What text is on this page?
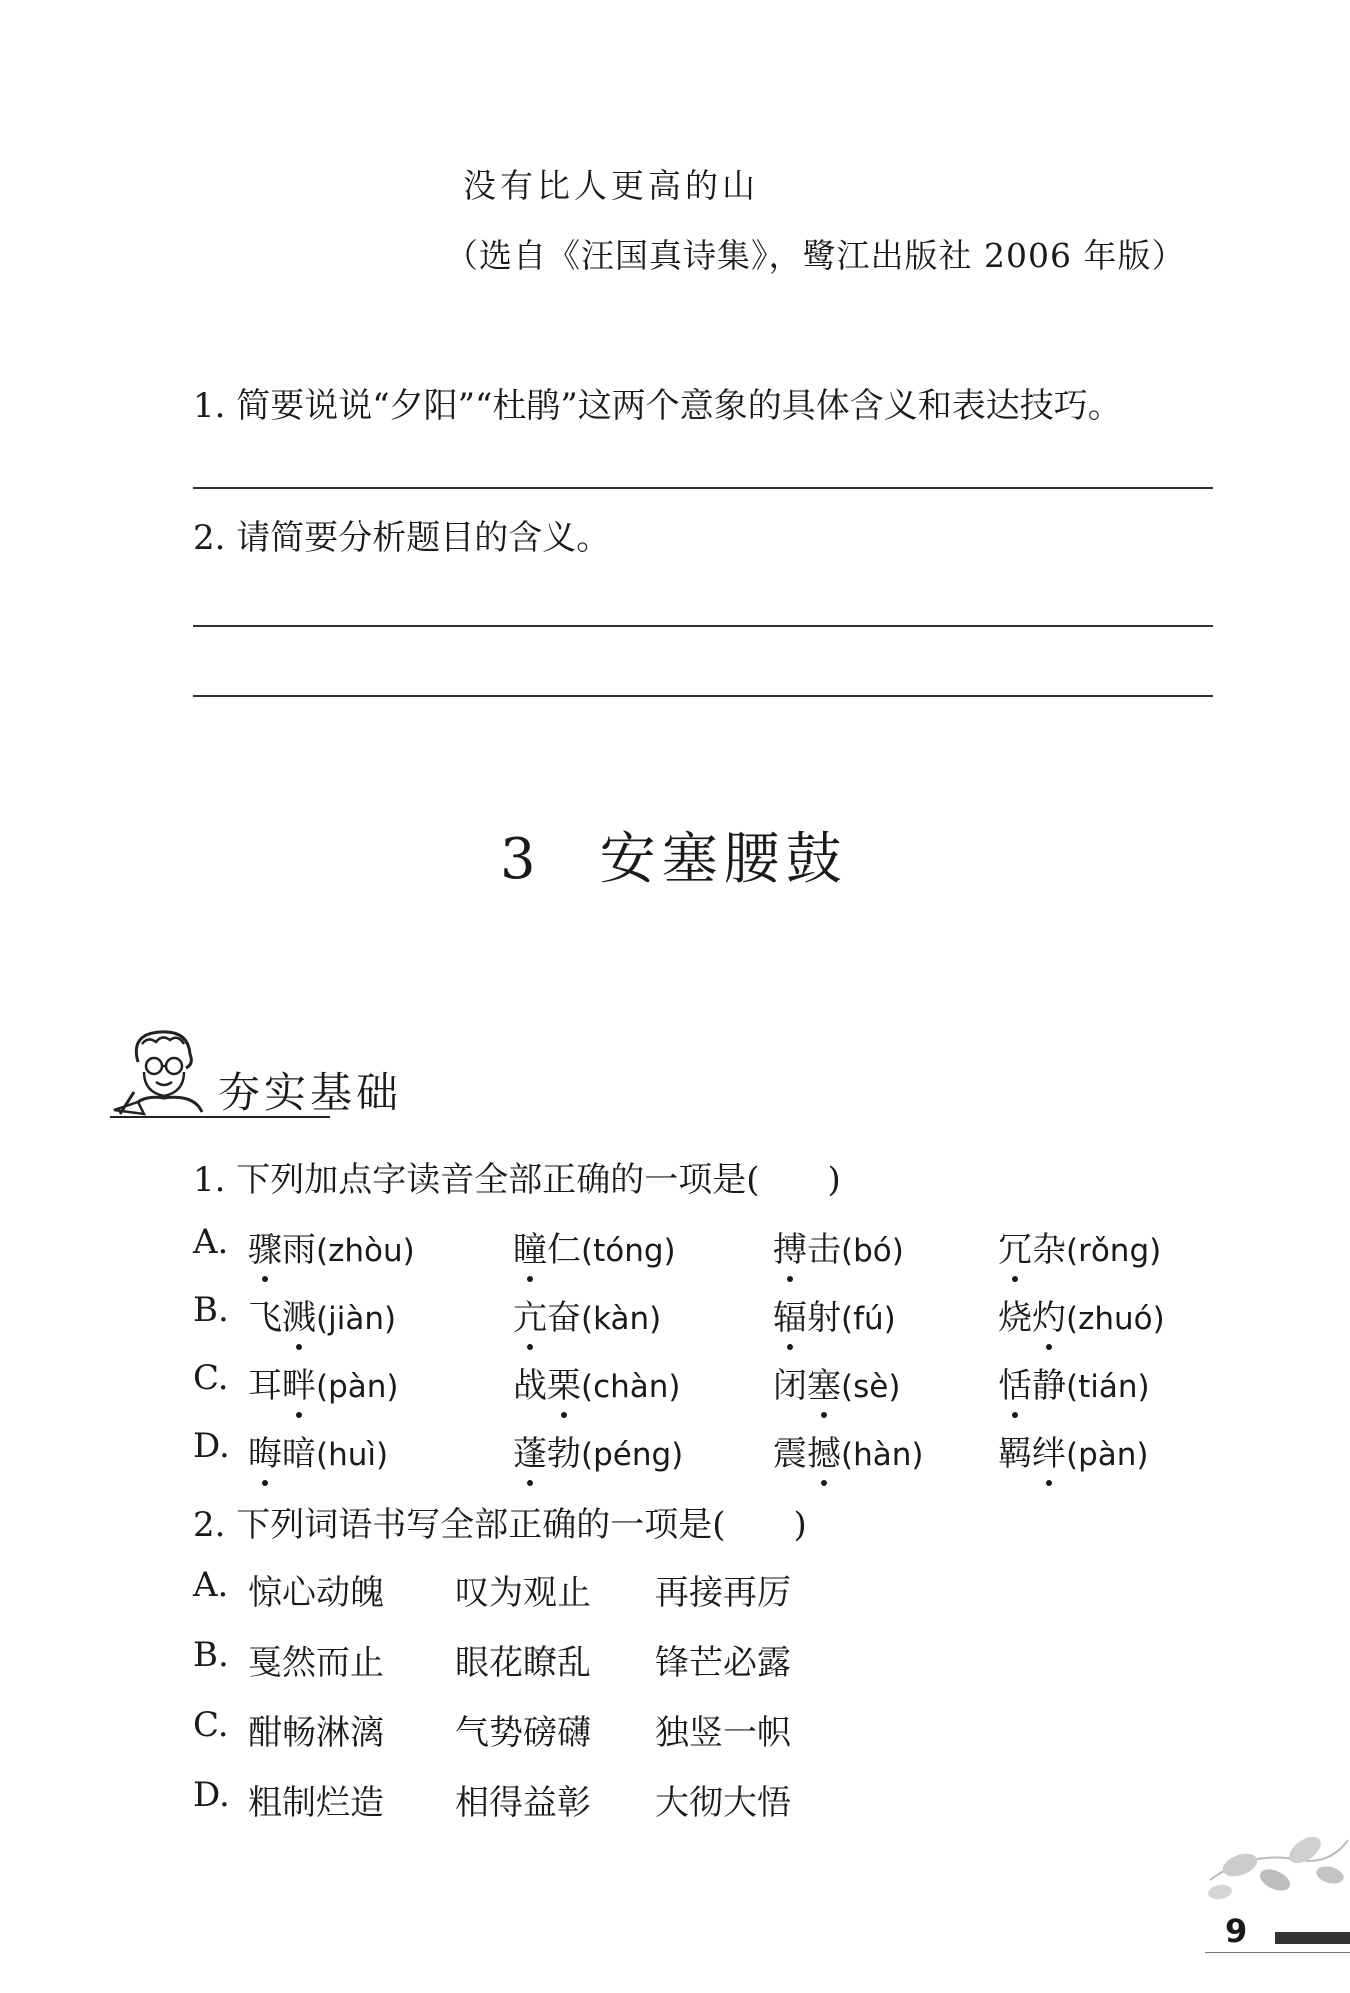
没有比人更高的山
（选自《汪国真诗集》，鹭江出版社 2006 年版）
1. 简要说说“夕阳”“杜鹃”这两个意象的具体含义和表达技巧。
2. 请简要分析题目的含义。
3 安塞腰鼓
夯实基础
1. 下列加点字读音全部正确的一项是(　　)
A. 骤雨(zhòu)	瞳仁(tóng)	搏击(bó)	冗杂(rǒng)
B. 飞溅(jiàn)	亢奋(kàn)	辐射(fú)	烧灼(zhuó)
C. 耳畔(pàn)	战栗(chàn)	闭塞(sè)	恬静(tián)
D. 晦暗(huì)	蓬勃(péng)	震撼(hàn) 羁绊(pàn)
2. 下列词语书写全部正确的一项是(　　)
A. 惊心动魄 叹为观止 再接再厉
B. 戛然而止 眼花瞭乱 锋芒必露
C. 酣畅淋漓 气势磅礴 独竖一帜
D. 粗制烂造 相得益彰 大彻大悟
9
